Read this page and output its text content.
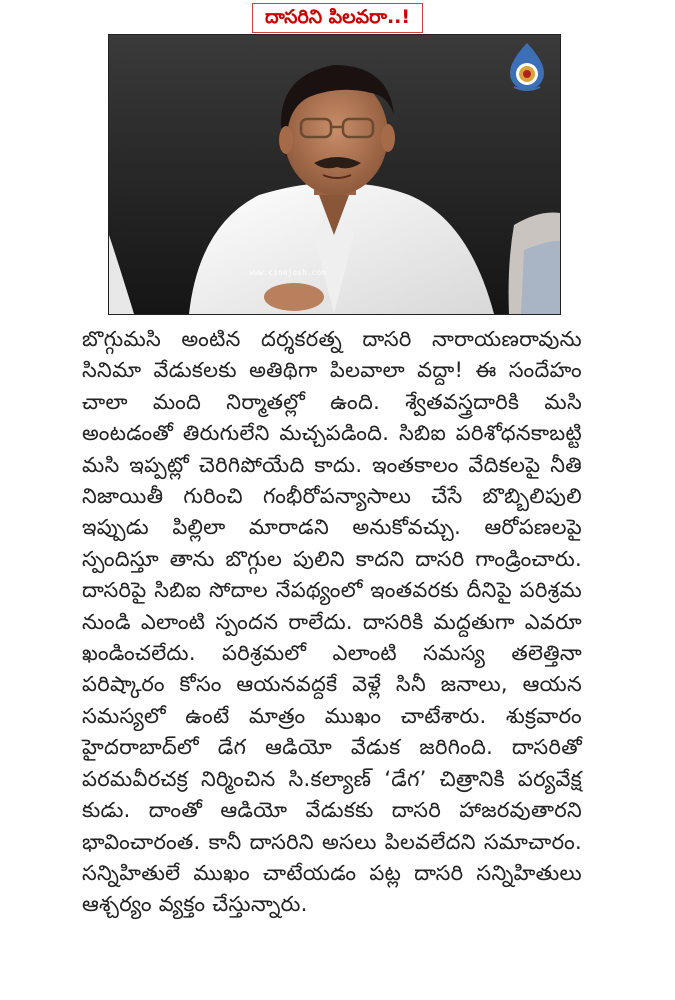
దాసరిని పిలవరా..!
www.cinejosh.com

బొగ్గుమసి అంటిన దర్శకరత్న దాసరి నారాయణరావును సినిమా వేడుకలకు అతిథిగా పిలవాలా వద్దా! ఈ సందేహం చాలా మంది నిర్మాతల్లో ఉంది. శ్వేతవస్త్రదారికి మసి అంటడంతో తిరుగులేని మచ్చపడింది. సిబిఐ పరిశోధనకాబట్టి మసి ఇప్పట్లో చెరిగిపోయేది కాదు. ఇంతకాలం వేదికలపై నీతి నిజాయితీ గురించి గంభీరోపన్యాసాలు చేసే బొబ్బిలిపులి ఇప్పుడు పిల్లిలా మారాడని అనుకోవచ్చు. ఆరోపణలపై స్పందిస్తూ తాను బొగ్గుల పులిని కాదని దాసరి గాండ్రించారు. దాసరిపై సిబిఐ సోదాల నేపథ్యంలో ఇంతవరకు దీనిపై పరిశ్రమ నుండి ఎలాంటి స్పందన రాలేదు. దాసరికి మద్దతుగా ఎవరూ ఖండించలేదు. పరిశ్రమలో ఎలాంటి సమస్య తలెత్తినా పరిష్కారం కోసం ఆయనవద్దకే వెళ్లే సినీ జనాలు, ఆయన సమస్యలో ఉంటే మాత్రం ముఖం చాటేశారు. శుక్రవారం హైదరాబాద్‌లో డేగ ఆడియో వేడుక జరిగింది. దాసరితో పరమవీరచక్ర నిర్మించిన సి.కల్యాణ్ ‘డేగ’ చిత్రానికి పర్యవేక్ష కుడు. దాంతో ఆడియో వేడుకకు దాసరి హాజరవుతారని భావించారంత. కానీ దాసరిని అసలు పిలవలేదని సమాచారం. సన్నిహితులే ముఖం చాటేయడం పట్ల దాసరి సన్నిహితులు ఆశ్చర్యం వ్యక్తం చేస్తున్నారు.
